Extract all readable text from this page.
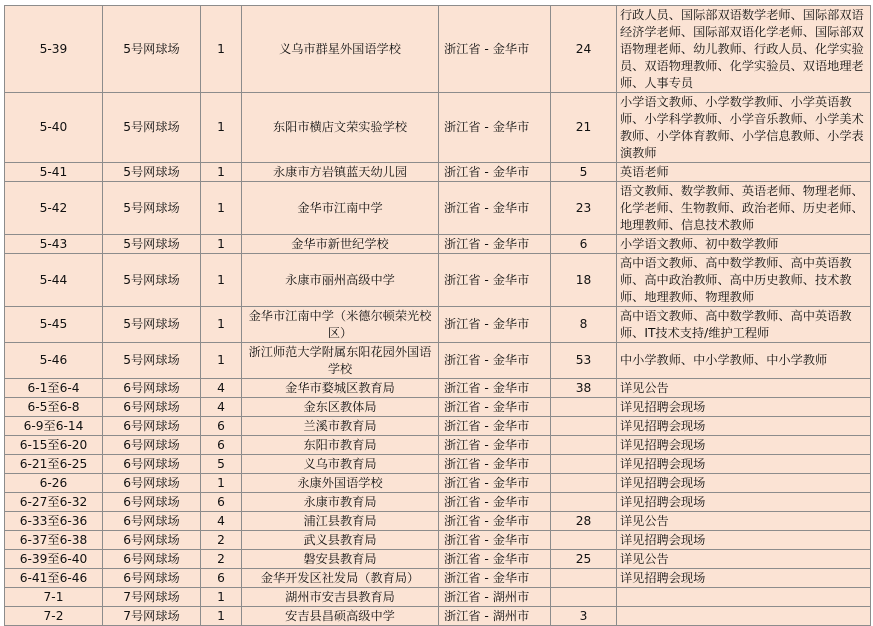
5-39	5号网球场	1	义乌市群星外国语学校	浙江省 - 金华市	24	行政人员、国际部双语数学老师、国际部双语经济学老师、国际部双语化学老师、国际部双语物理老师、幼儿教师、行政人员、化学实验员、双语物理教师、化学实验员、双语地理老师、人事专员
5-40	5号网球场	1	东阳市横店文荣实验学校	浙江省 - 金华市	21	小学语文教师、小学数学教师、小学英语教师、小学科学教师、小学音乐教师、小学美术教师、小学体育教师、小学信息教师、小学表演教师
5-41	5号网球场	1	永康市方岩镇蓝天幼儿园	浙江省 - 金华市	5	英语老师
5-42	5号网球场	1	金华市江南中学	浙江省 - 金华市	23	语文教师、数学教师、英语老师、物理老师、化学老师、生物教师、政治老师、历史老师、地理教师、信息技术教师
5-43	5号网球场	1	金华市新世纪学校	浙江省 - 金华市	6	小学语文教师、初中数学教师
5-44	5号网球场	1	永康市丽州高级中学	浙江省 - 金华市	18	高中语文教师、高中数学教师、高中英语教师、高中政治教师、高中历史教师、技术教师、地理教师、物理教师
5-45	5号网球场	1	金华市江南中学（米德尔顿荣光校区）	浙江省 - 金华市	8	高中语文教师、高中数学教师、高中英语教师、IT技术支持/维护工程师
5-46	5号网球场	1	浙江师范大学附属东阳花园外国语学校	浙江省 - 金华市	53	中小学教师、中小学教师、中小学教师
6-1至6-4	6号网球场	4	金华市婺城区教育局	浙江省 - 金华市	38	详见公告
6-5至6-8	6号网球场	4	金东区教体局	浙江省 - 金华市		详见招聘会现场
6-9至6-14	6号网球场	6	兰溪市教育局	浙江省 - 金华市		详见招聘会现场
6-15至6-20	6号网球场	6	东阳市教育局	浙江省 - 金华市		详见招聘会现场
6-21至6-25	6号网球场	5	义乌市教育局	浙江省 - 金华市		详见招聘会现场
6-26	6号网球场	1	永康外国语学校	浙江省 - 金华市		详见招聘会现场
6-27至6-32	6号网球场	6	永康市教育局	浙江省 - 金华市		详见招聘会现场
6-33至6-36	6号网球场	4	浦江县教育局	浙江省 - 金华市	28	详见公告
6-37至6-38	6号网球场	2	武义县教育局	浙江省 - 金华市		详见招聘会现场
6-39至6-40	6号网球场	2	磐安县教育局	浙江省 - 金华市	25	详见公告
6-41至6-46	6号网球场	6	金华开发区社发局（教育局）	浙江省 - 金华市		详见招聘会现场
7-1	7号网球场	1	湖州市安吉县教育局	浙江省 - 湖州市		
7-2	7号网球场	1	安吉县昌硕高级中学	浙江省 - 湖州市	3	
